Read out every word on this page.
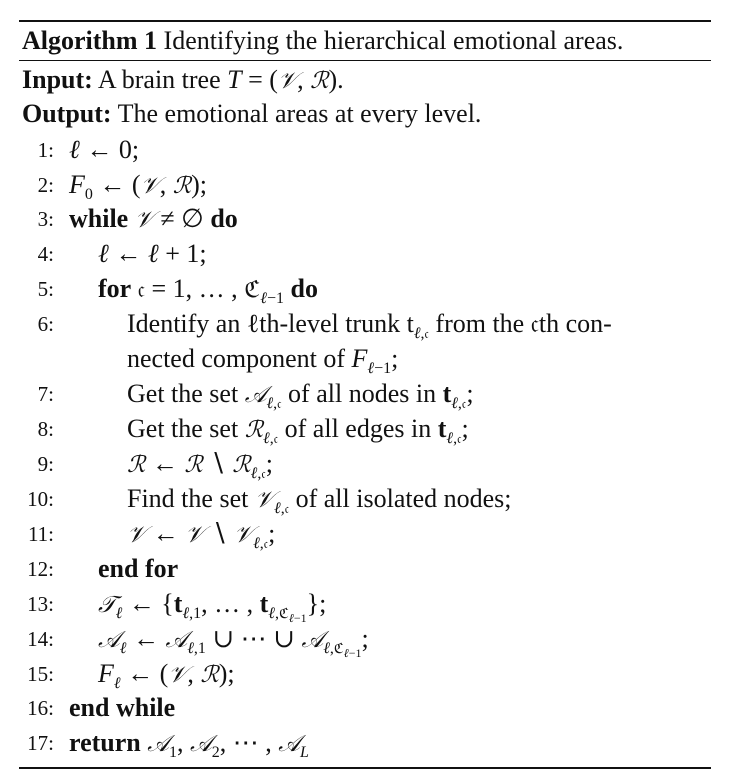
Algorithm 1 Identifying the hierarchical emotional areas.
Input: A brain tree T = (𝒱, ℛ).
Output: The emotional areas at every level.
1:
2:
3:
4:
5:
6:
7:
8:
9:
10:
11:
12:
13:
14:
15:
16:
17:
ℓ ← 0;
$F_0$ ← (𝒱, ℛ);
while 𝒱 ≠ ∅ do
ℓ ← ℓ + 1;
for 𝔠 = 1, … , ℭ$_{\ell-1}$ do
Identify an ℓth-level trunk $t_{\ell,𝔠}$ from the 𝔠th con-
nected component of $F_{\ell-1}$;
Get the set 𝒜$_{\ell,𝔠}$ of all nodes in $t_{\ell,𝔠}$;
Get the set ℛ$_{\ell,𝔠}$ of all edges in $t_{\ell,𝔠}$;
ℛ ← ℛ ∖ ℛ$_{\ell,𝔠}$;
Find the set 𝒱$_{\ell,𝔠}$ of all isolated nodes;
𝒱 ← 𝒱 ∖ 𝒱$_{\ell,𝔠}$;
end for
𝒯$_\ell$ ← {$t_{\ell,1}$, … , $t_{\ell,ℭ_{\ell-1}}$};
𝒜$_\ell$ ← 𝒜$_{\ell,1}$ ∪ ⋯ ∪ 𝒜$_{\ell,ℭ_{\ell-1}}$;
$F_\ell$ ← (𝒱, ℛ);
end while
return 𝒜$_1$, 𝒜$_2$, ⋯ , 𝒜$_L$
